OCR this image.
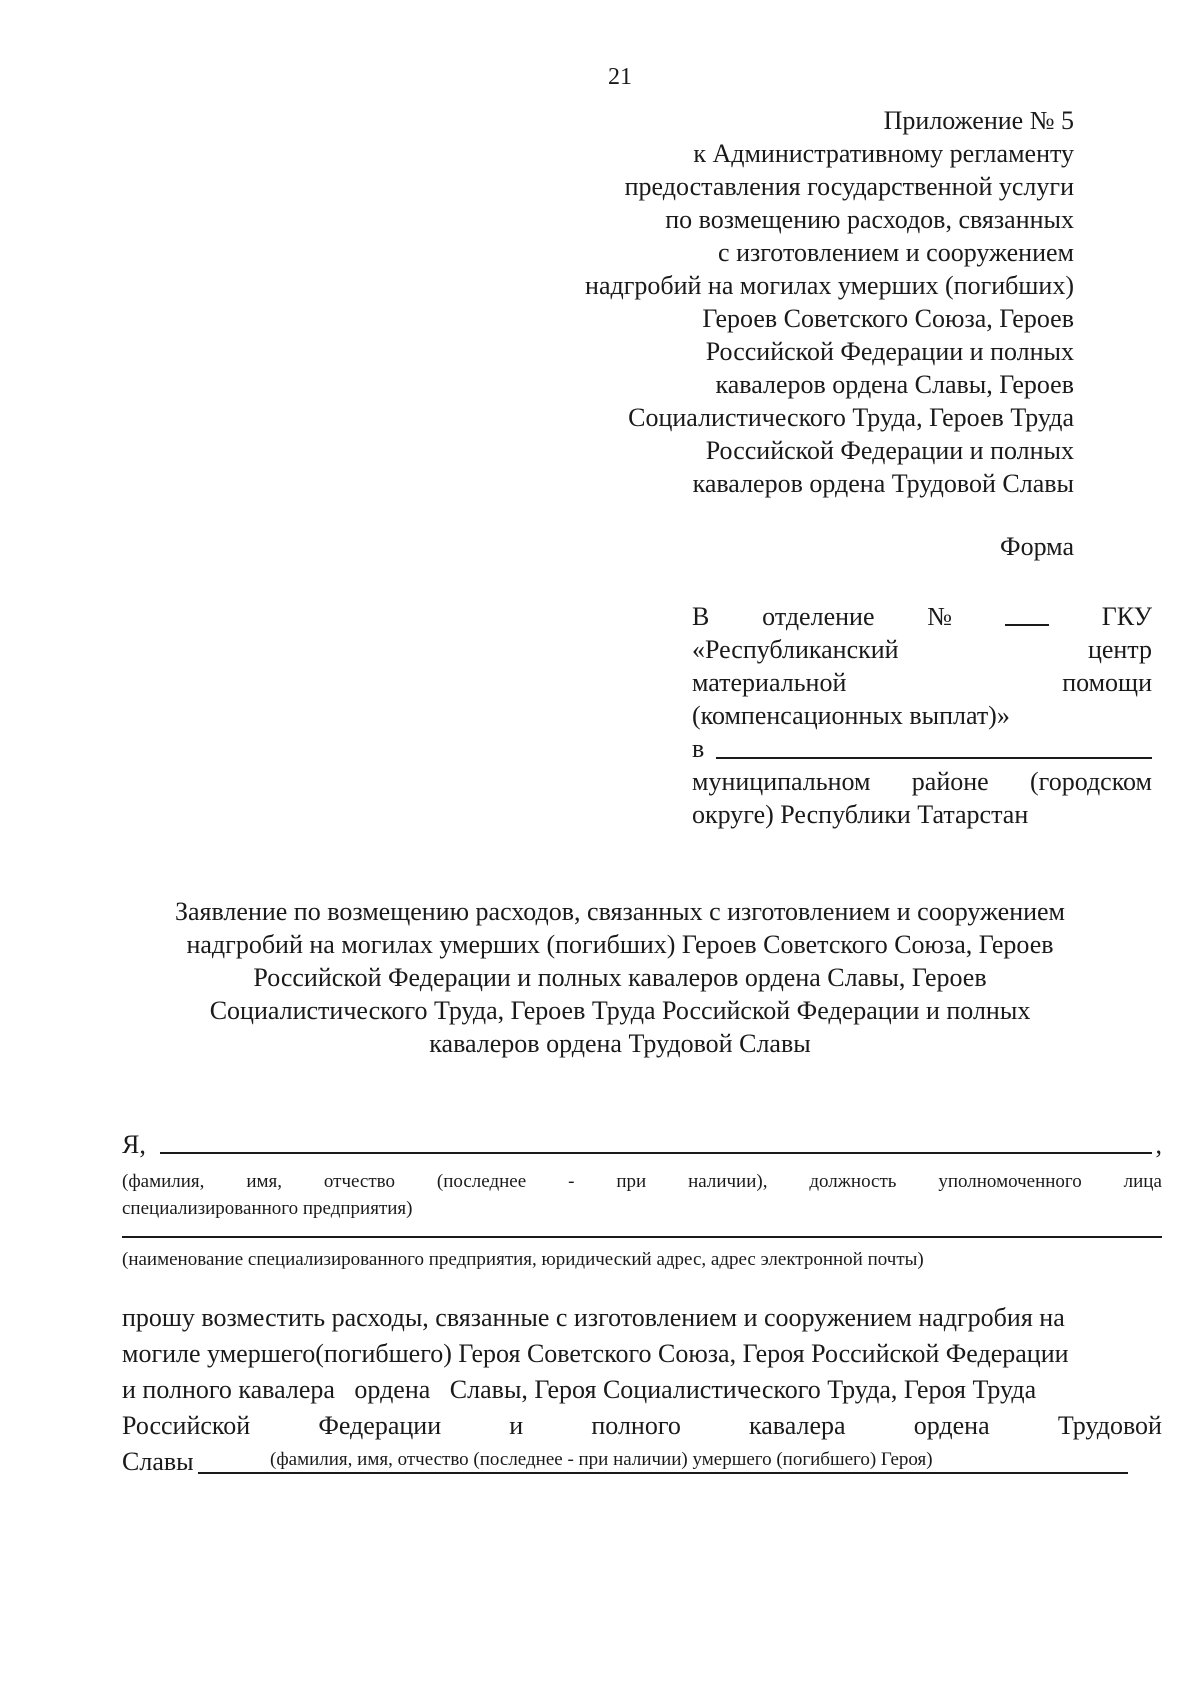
21
Приложение № 5
к Административному регламенту
предоставления государственной услуги
по возмещению расходов, связанных
с изготовлением и сооружением
надгробий на могилах умерших (погибших)
Героев Советского Союза, Героев
Российской Федерации и полных
кавалеров ордена Славы, Героев
Социалистического Труда, Героев Труда
Российской Федерации и полных
кавалеров ордена Трудовой Славы
Форма
В отделение №	ГКУ
«Республиканский	центр
материальной	помощи
(компенсационных выплат)»
в
муниципальном районе (городском
округе) Республики Татарстан
Заявление по возмещению расходов, связанных с изготовлением и сооружением
надгробий на могилах умерших (погибших) Героев Советского Союза, Героев
Российской Федерации и полных кавалеров ордена Славы, Героев
Социалистического Труда, Героев Труда Российской Федерации и полных
кавалеров ордена Трудовой Славы
Я,	,
(фамилия, имя, отчество (последнее - при наличии), должность уполномоченного лица
специализированного предприятия)
(наименование специализированного предприятия, юридический адрес, адрес электронной почты)
прошу возместить расходы, связанные с изготовлением и сооружением надгробия на
могиле умершего(погибшего) Героя Советского Союза, Героя Российской Федерации
и полного кавалера   ордена   Славы, Героя Социалистического Труда, Героя Труда
Российской	Федерации	и	полного	кавалера	ордена	Трудовой
Славы	(фамилия, имя, отчество (последнее - при наличии) умершего (погибшего) Героя)
